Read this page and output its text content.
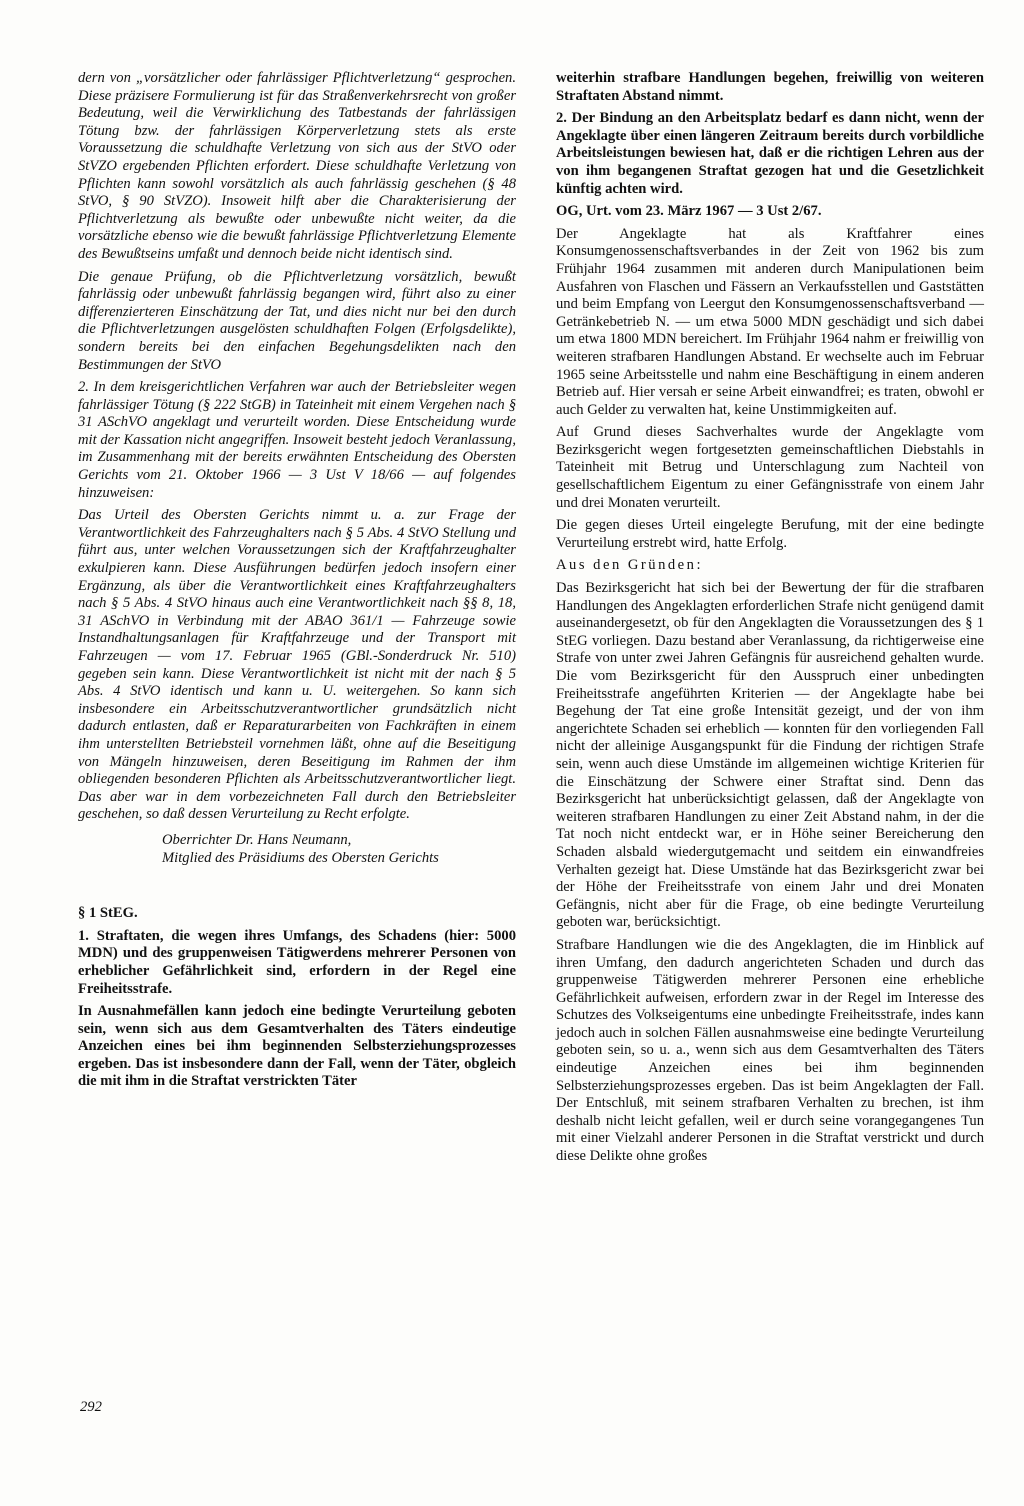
dern von „vorsätzlicher oder fahrlässiger Pflichtverletzung“ gesprochen. Diese präzisere Formulierung ist für das Straßenverkehrsrecht von großer Bedeutung, weil die Verwirklichung des Tatbestands der fahrlässigen Tötung bzw. der fahrlässigen Körperverletzung stets als erste Voraussetzung die schuldhafte Verletzung von sich aus der StVO oder StVZO ergebenden Pflichten erfordert. Diese schuldhafte Verletzung von Pflichten kann sowohl vorsätzlich als auch fahrlässig geschehen (§ 48 StVO, § 90 StVZO). Insoweit hilft aber die Charakterisierung der Pflichtverletzung als bewußte oder unbewußte nicht weiter, da die vorsätzliche ebenso wie die bewußt fahrlässige Pflichtverletzung Elemente des Bewußtseins umfaßt und dennoch beide nicht identisch sind.

Die genaue Prüfung, ob die Pflichtverletzung vorsätzlich, bewußt fahrlässig oder unbewußt fahrlässig begangen wird, führt also zu einer differenzierteren Einschätzung der Tat, und dies nicht nur bei den durch die Pflichtverletzungen ausgelösten schuldhaften Folgen (Erfolgsdelikte), sondern bereits bei den einfachen Begehungsdelikten nach den Bestimmungen der StVO

2. In dem kreisgerichtlichen Verfahren war auch der Betriebsleiter wegen fahrlässiger Tötung (§ 222 StGB) in Tateinheit mit einem Vergehen nach § 31 ASchVO angeklagt und verurteilt worden. Diese Entscheidung wurde mit der Kassation nicht angegriffen. Insoweit besteht jedoch Veranlassung, im Zusammenhang mit der bereits erwähnten Entscheidung des Obersten Gerichts vom 21. Oktober 1966 — 3 Ust V 18/66 — auf folgendes hinzuweisen:

Das Urteil des Obersten Gerichts nimmt u. a. zur Frage der Verantwortlichkeit des Fahrzeughalters nach § 5 Abs. 4 StVO Stellung und führt aus, unter welchen Voraussetzungen sich der Kraftfahrzeughalter exkulpieren kann. Diese Ausführungen bedürfen jedoch insofern einer Ergänzung, als über die Verantwortlichkeit eines Kraftfahrzeughalters nach § 5 Abs. 4 StVO hinaus auch eine Verantwortlichkeit nach §§ 8, 18, 31 ASchVO in Verbindung mit der ABAO 361/1 — Fahrzeuge sowie Instandhaltungsanlagen für Kraftfahrzeuge und der Transport mit Fahrzeugen — vom 17. Februar 1965 (GBl.-Sonderdruck Nr. 510) gegeben sein kann. Diese Verantwortlichkeit ist nicht mit der nach § 5 Abs. 4 StVO identisch und kann u. U. weitergehen. So kann sich insbesondere ein Arbeitsschutzverantwortlicher grundsätzlich nicht dadurch entlasten, daß er Reparaturarbeiten von Fachkräften in einem ihm unterstellten Betriebsteil vornehmen läßt, ohne auf die Beseitigung von Mängeln hinzuweisen, deren Beseitigung im Rahmen der ihm obliegenden besonderen Pflichten als Arbeitsschutzverantwortlicher liegt. Das aber war in dem vorbezeichneten Fall durch den Betriebsleiter geschehen, so daß dessen Verurteilung zu Recht erfolgte.

Oberrichter Dr. Hans Neumann,
Mitglied des Präsidiums des Obersten Gerichts

§ 1 StEG.

1. Straftaten, die wegen ihres Umfangs, des Schadens (hier: 5000 MDN) und des gruppenweisen Tätigwerdens mehrerer Personen von erheblicher Gefährlichkeit sind, erfordern in der Regel eine Freiheitsstrafe.

In Ausnahmefällen kann jedoch eine bedingte Verurteilung geboten sein, wenn sich aus dem Gesamtverhalten des Täters eindeutige Anzeichen eines bei ihm beginnenden Selbsterziehungsprozesses ergeben. Das ist insbesondere dann der Fall, wenn der Täter, obgleich die mit ihm in die Straftat verstrickten Täter

weiterhin strafbare Handlungen begehen, freiwillig von weiteren Straftaten Abstand nimmt.

2. Der Bindung an den Arbeitsplatz bedarf es dann nicht, wenn der Angeklagte über einen längeren Zeitraum bereits durch vorbildliche Arbeitsleistungen bewiesen hat, daß er die richtigen Lehren aus der von ihm begangenen Straftat gezogen hat und die Gesetzlichkeit künftig achten wird.

OG, Urt. vom 23. März 1967 — 3 Ust 2/67.

Der Angeklagte hat als Kraftfahrer eines Konsumgenossenschaftsverbandes in der Zeit von 1962 bis zum Frühjahr 1964 zusammen mit anderen durch Manipulationen beim Ausfahren von Flaschen und Fässern an Verkaufsstellen und Gaststätten und beim Empfang von Leergut den Konsumgenossenschaftsverband — Getränkebetrieb N. — um etwa 5000 MDN geschädigt und sich dabei um etwa 1800 MDN bereichert. Im Frühjahr 1964 nahm er freiwillig von weiteren strafbaren Handlungen Abstand. Er wechselte auch im Februar 1965 seine Arbeitsstelle und nahm eine Beschäftigung in einem anderen Betrieb auf. Hier versah er seine Arbeit einwandfrei; es traten, obwohl er auch Gelder zu verwalten hat, keine Unstimmigkeiten auf.

Auf Grund dieses Sachverhaltes wurde der Angeklagte vom Bezirksgericht wegen fortgesetzten gemeinschaftlichen Diebstahls in Tateinheit mit Betrug und Unterschlagung zum Nachteil von gesellschaftlichem Eigentum zu einer Gefängnisstrafe von einem Jahr und drei Monaten verurteilt.

Die gegen dieses Urteil eingelegte Berufung, mit der eine bedingte Verurteilung erstrebt wird, hatte Erfolg.

Aus den Gründen:

Das Bezirksgericht hat sich bei der Bewertung der für die strafbaren Handlungen des Angeklagten erforderlichen Strafe nicht genügend damit auseinandergesetzt, ob für den Angeklagten die Voraussetzungen des § 1 StEG vorliegen. Dazu bestand aber Veranlassung, da richtigerweise eine Strafe von unter zwei Jahren Gefängnis für ausreichend gehalten wurde. Die vom Bezirksgericht für den Ausspruch einer unbedingten Freiheitsstrafe angeführten Kriterien — der Angeklagte habe bei Begehung der Tat eine große Intensität gezeigt, und der von ihm angerichtete Schaden sei erheblich — konnten für den vorliegenden Fall nicht der alleinige Ausgangspunkt für die Findung der richtigen Strafe sein, wenn auch diese Umstände im allgemeinen wichtige Kriterien für die Einschätzung der Schwere einer Straftat sind. Denn das Bezirksgericht hat unberücksichtigt gelassen, daß der Angeklagte von weiteren strafbaren Handlungen zu einer Zeit Abstand nahm, in der die Tat noch nicht entdeckt war, er in Höhe seiner Bereicherung den Schaden alsbald wiedergutgemacht und seitdem ein einwandfreies Verhalten gezeigt hat. Diese Umstände hat das Bezirksgericht zwar bei der Höhe der Freiheitsstrafe von einem Jahr und drei Monaten Gefängnis, nicht aber für die Frage, ob eine bedingte Verurteilung geboten war, berücksichtigt.

Strafbare Handlungen wie die des Angeklagten, die im Hinblick auf ihren Umfang, den dadurch angerichteten Schaden und durch das gruppenweise Tätigwerden mehrerer Personen eine erhebliche Gefährlichkeit aufweisen, erfordern zwar in der Regel im Interesse des Schutzes des Volkseigentums eine unbedingte Freiheitsstrafe, indes kann jedoch auch in solchen Fällen ausnahmsweise eine bedingte Verurteilung geboten sein, so u. a., wenn sich aus dem Gesamtverhalten des Täters eindeutige Anzeichen eines bei ihm beginnenden Selbsterziehungsprozesses ergeben. Das ist beim Angeklagten der Fall. Der Entschluß, mit seinem strafbaren Verhalten zu brechen, ist ihm deshalb nicht leicht gefallen, weil er durch seine vorangegangenes Tun mit einer Vielzahl anderer Personen in die Straftat verstrickt und durch diese Delikte ohne großes

292
